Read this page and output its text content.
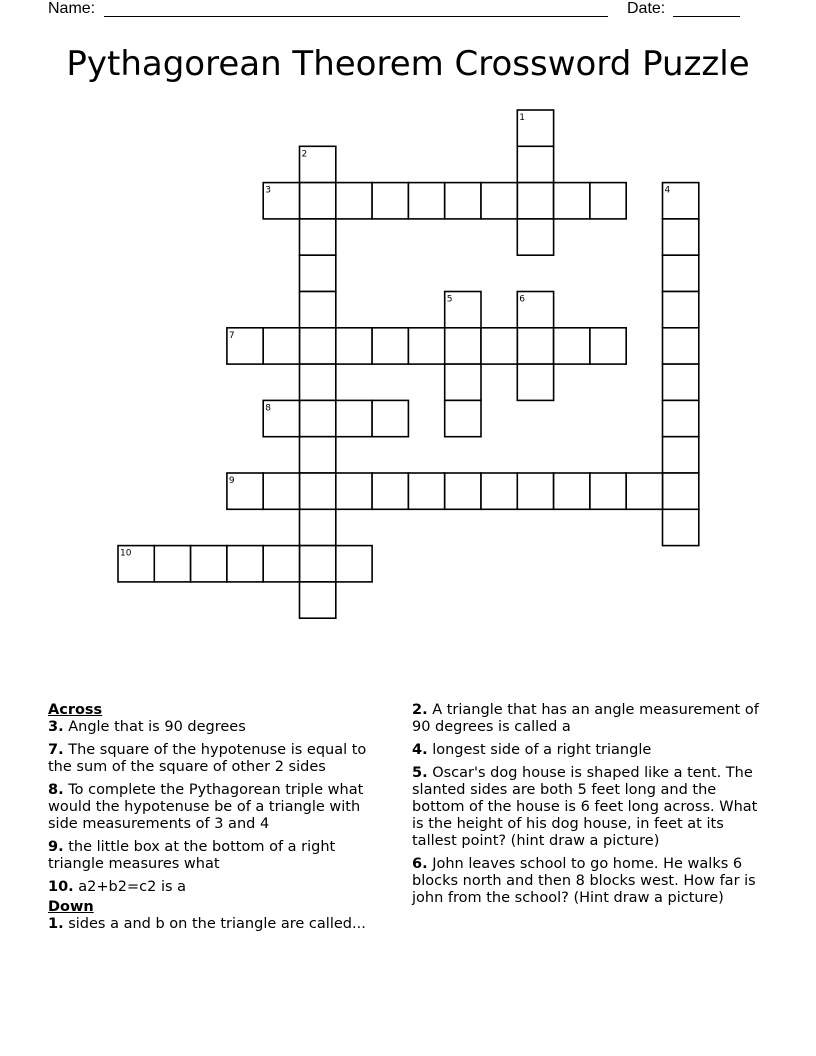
Name:	Date:
Pythagorean Theorem Crossword Puzzle
1
2
3	4
5	6
7
8
9
10
Across
3. Angle that is 90 degrees
7. The square of the hypotenuse is equal to the sum of the square of other 2 sides
8. To complete the Pythagorean triple what would the hypotenuse be of a triangle with side measurements of 3 and 4
9. the little box at the bottom of a right triangle measures what
10. a2+b2=c2 is a
Down
1. sides a and b on the triangle are called...
2. A triangle that has an angle measurement of 90 degrees is called a
4. longest side of a right triangle
5. Oscar's dog house is shaped like a tent. The slanted sides are both 5 feet long and the bottom of the house is 6 feet long across. What is the height of his dog house, in feet at its tallest point? (hint draw a picture)
6. John leaves school to go home. He walks 6 blocks north and then 8 blocks west. How far is john from the school? (Hint draw a picture)
